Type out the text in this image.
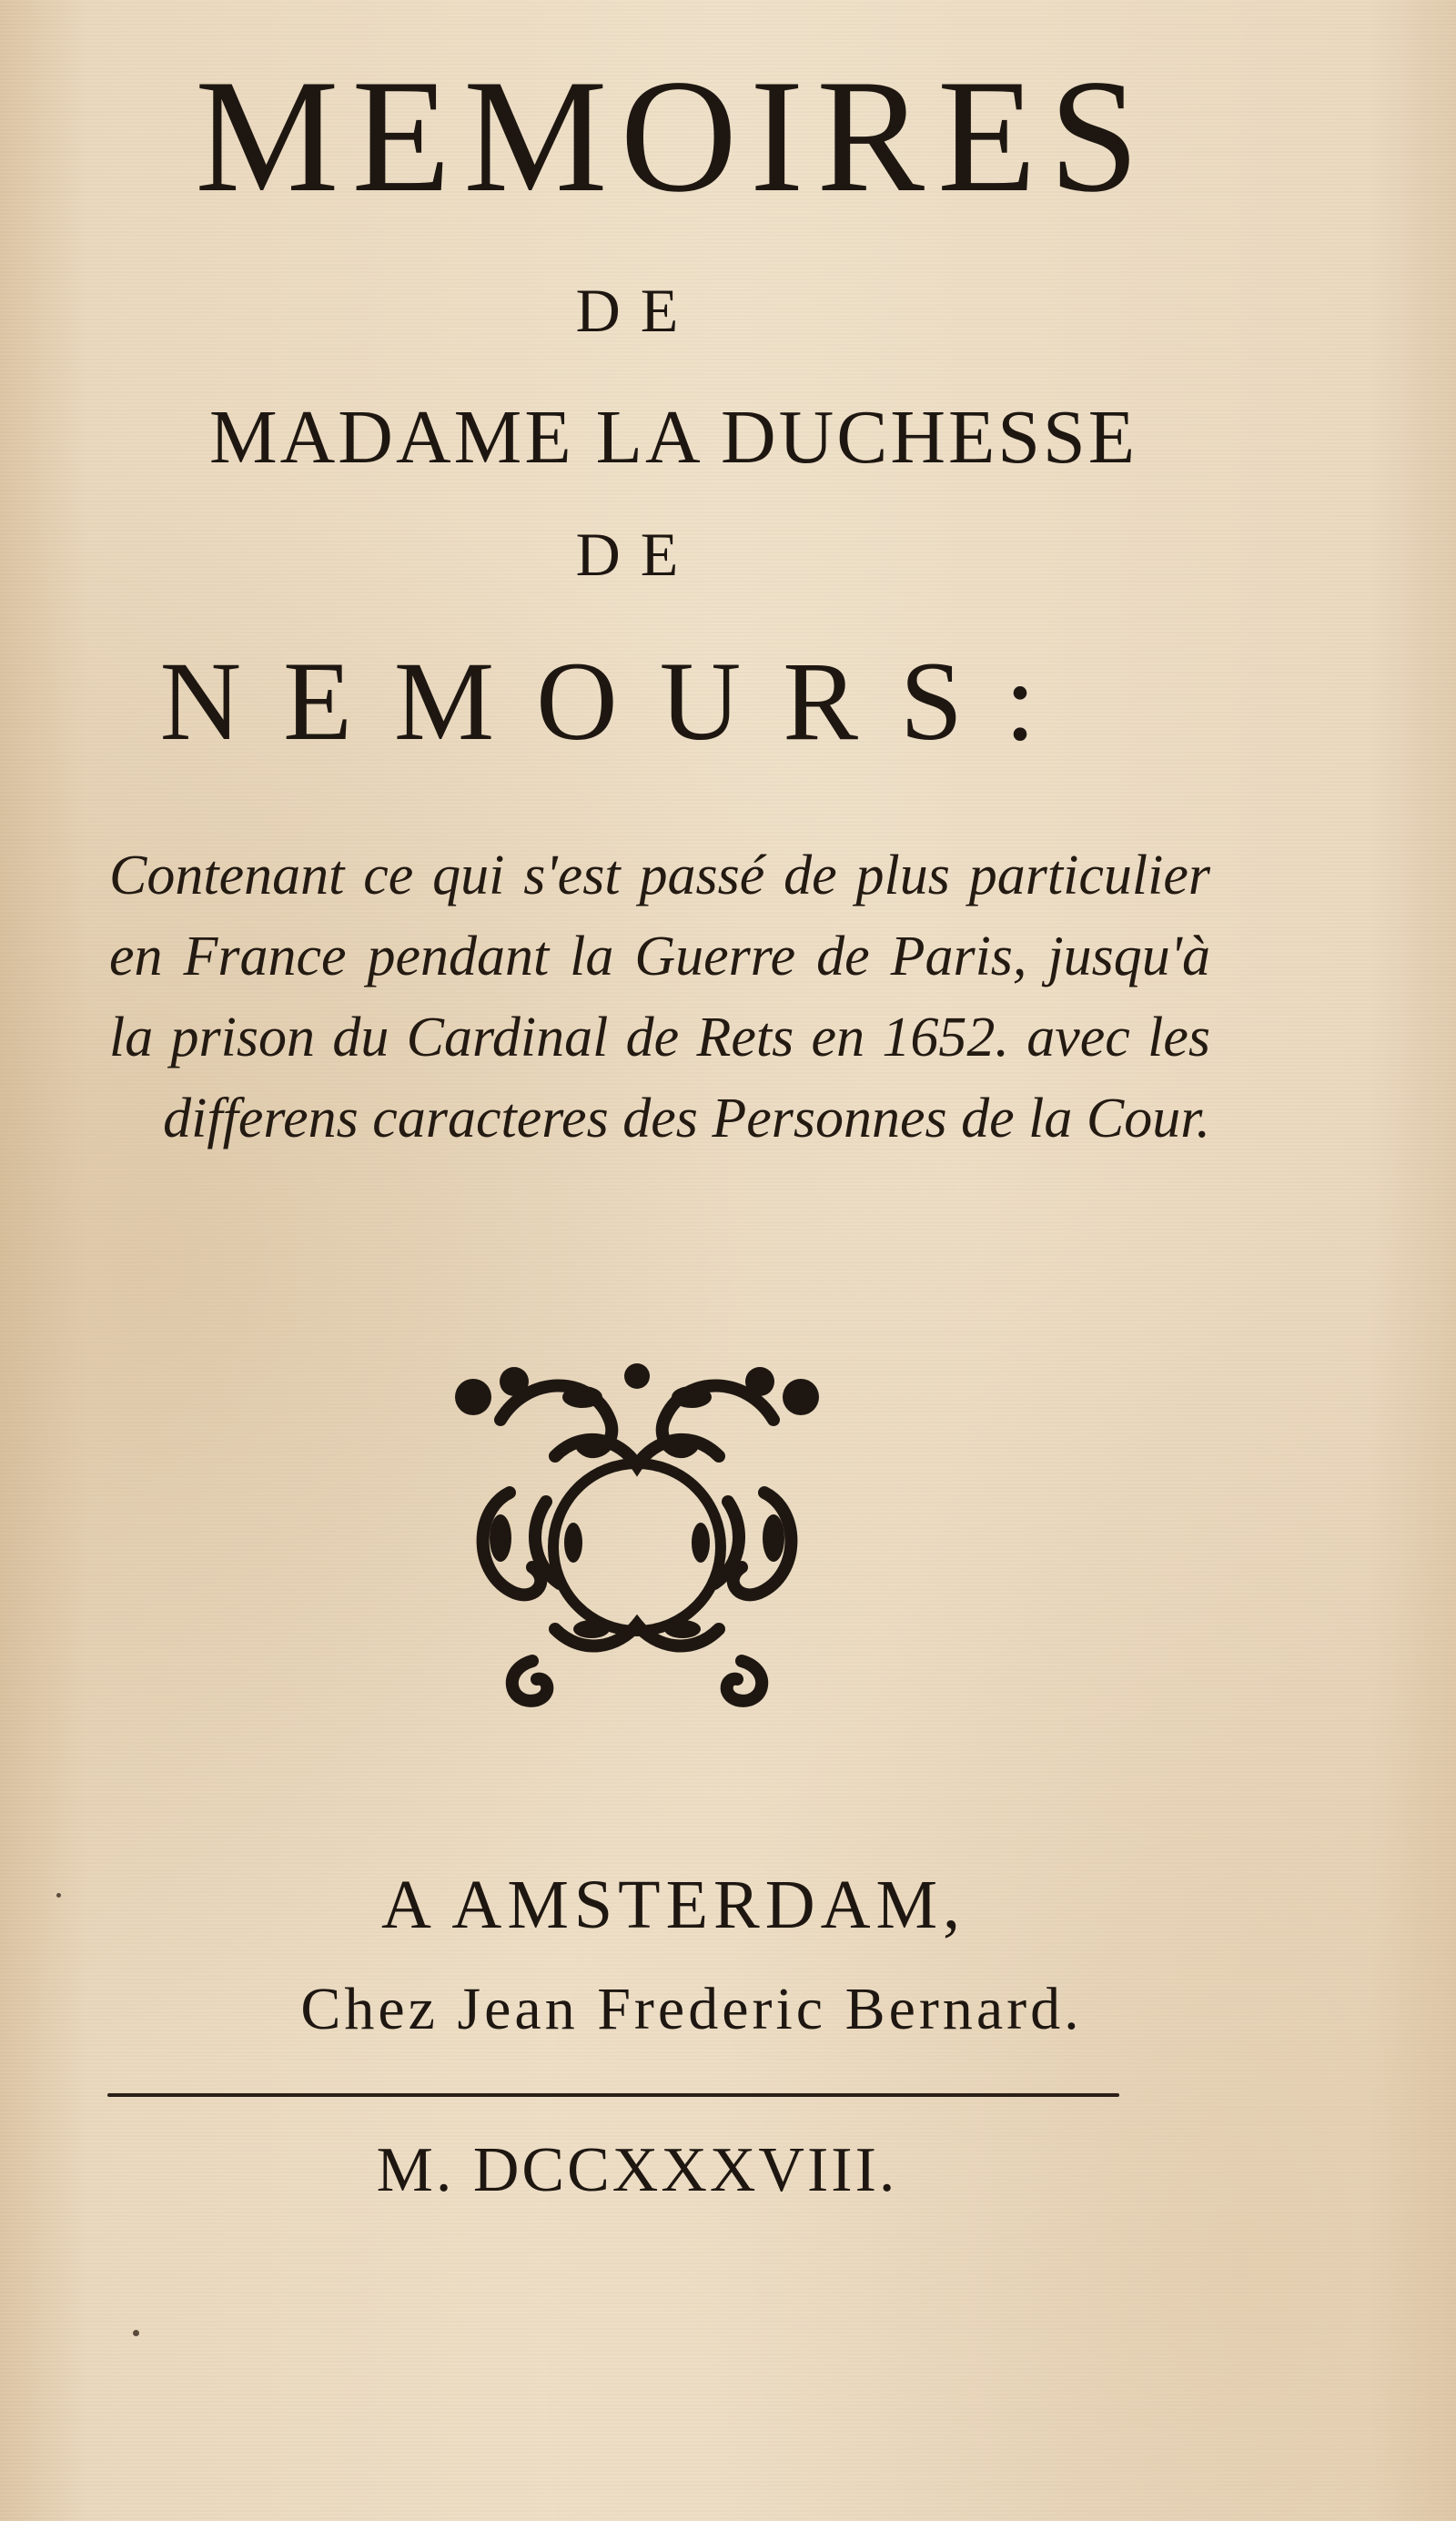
MEMOIRES
DE
MADAME LA DUCHESSE
DE
NEMOURS:
Contenant ce qui s'est passé de plus particulier en France pendant la Guerre de Paris, jusqu'à la prison du Cardinal de Rets en 1652. avec les differens caracteres des Personnes de la Cour.
A AMSTERDAM,
Chez Jean Frederic Bernard.
M. DCCXXXVIII.
